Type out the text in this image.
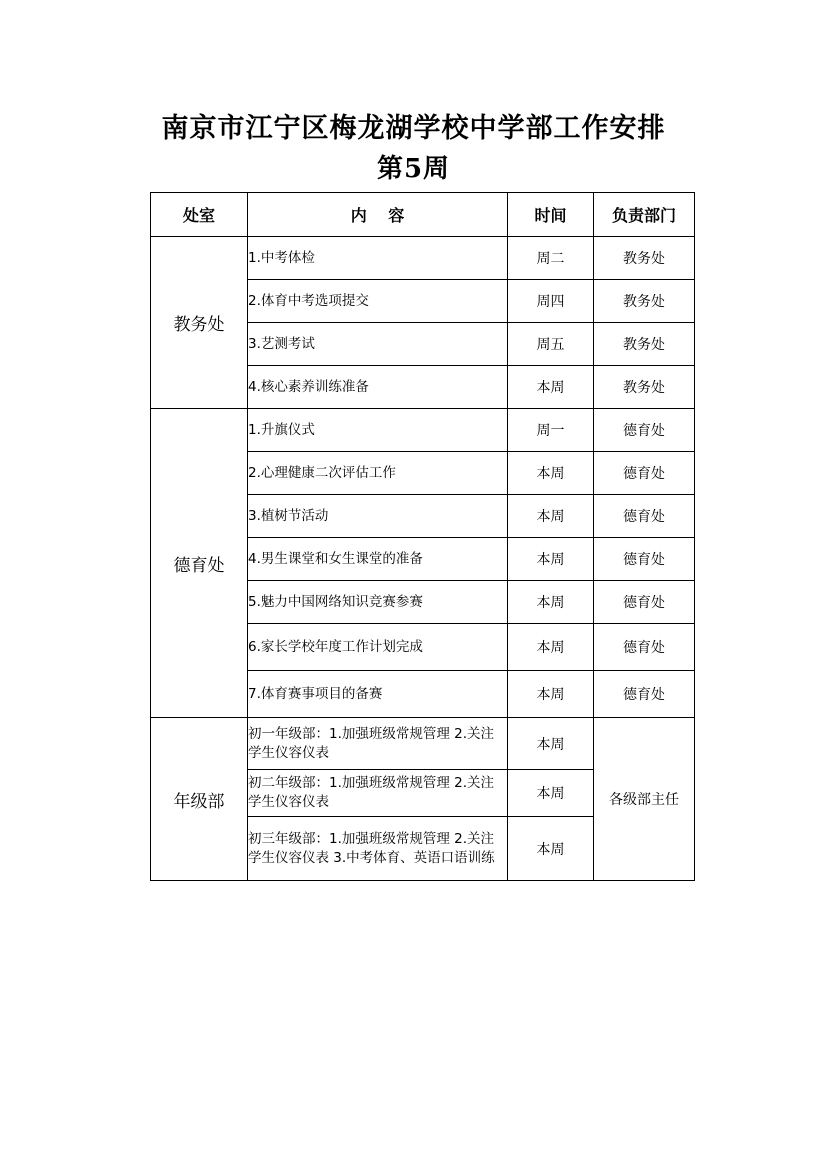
南京市江宁区梅龙湖学校中学部工作安排
第5周
处室	内　 容	时间	负责部门
教务处	1.中考体检	周二	教务处
	2.体育中考选项提交	周四	教务处
	3.艺测考试	周五	教务处
	4.核心素养训练准备	本周	教务处
德育处	1.升旗仪式	周一	德育处
	2.心理健康二次评估工作	本周	德育处
	3.植树节活动	本周	德育处
	4.男生课堂和女生课堂的准备	本周	德育处
	5.魅力中国网络知识竞赛参赛	本周	德育处
	6.家长学校年度工作计划完成	本周	德育处
	7.体育赛事项目的备赛	本周	德育处
年级部	初一年级部：1.加强班级常规管理 2.关注学生仪容仪表	本周	各级部主任
	初二年级部：1.加强班级常规管理 2.关注学生仪容仪表	本周	
	初三年级部：1.加强班级常规管理 2.关注学生仪容仪表 3.中考体育、英语口语训练	本周	
